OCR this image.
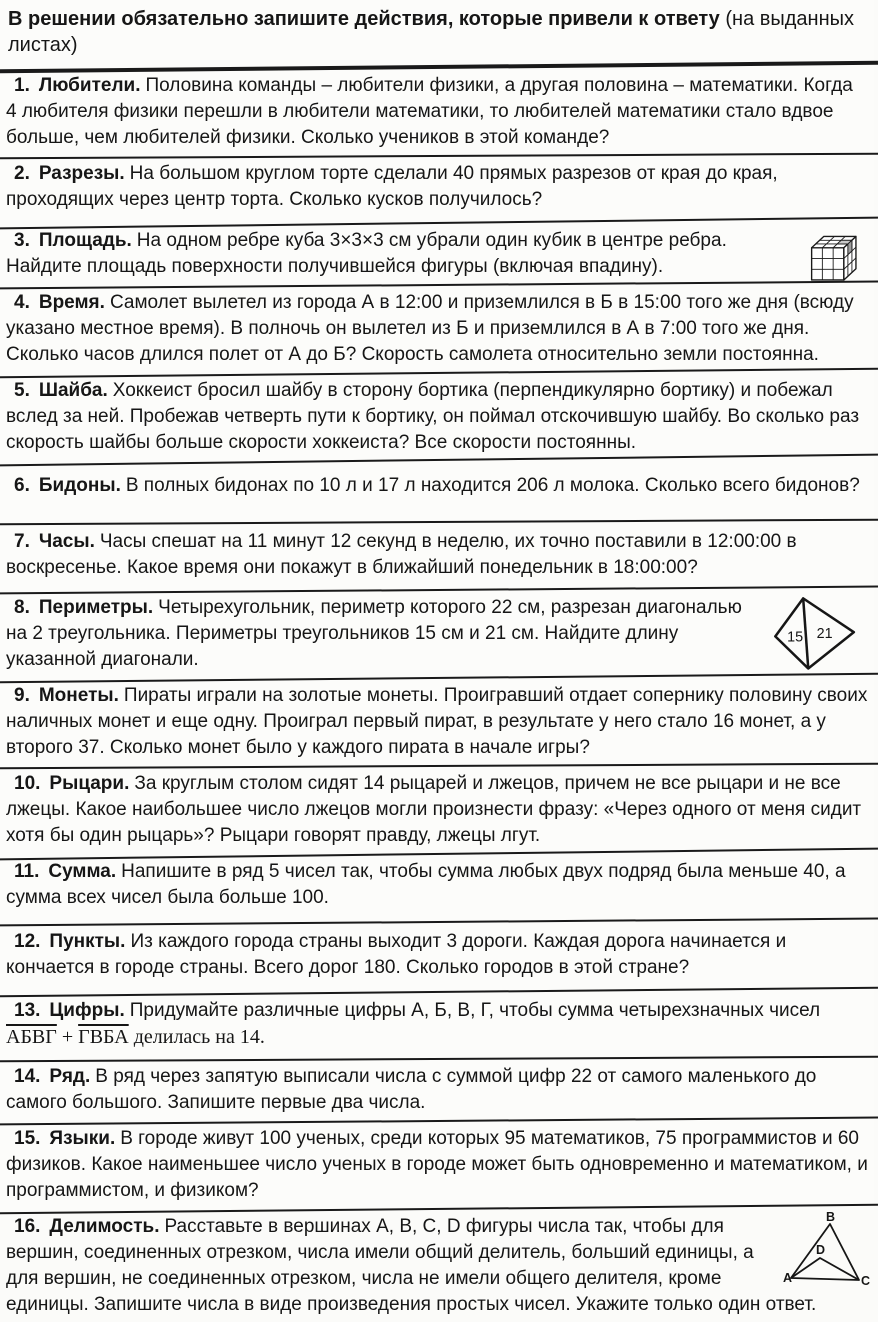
В решении обязательно запишите действия, которые привели к ответу (на выданных листах)

1. Любители. Половина команды – любители физики, а другая половина – математики. Когда 4 любителя физики перешли в любители математики, то любителей математики стало вдвое больше, чем любителей физики. Сколько учеников в этой команде?

2. Разрезы. На большом круглом торте сделали 40 прямых разрезов от края до края, проходящих через центр торта. Сколько кусков получилось?

3. Площадь. На одном ребре куба 3×3×3 см убрали один кубик в центре ребра. Найдите площадь поверхности получившейся фигуры (включая впадину).

4. Время. Самолет вылетел из города А в 12:00 и приземлился в Б в 15:00 того же дня (всюду указано местное время). В полночь он вылетел из Б и приземлился в А в 7:00 того же дня. Сколько часов длился полет от А до Б? Скорость самолета относительно земли постоянна.

5. Шайба. Хоккеист бросил шайбу в сторону бортика (перпендикулярно бортику) и побежал вслед за ней. Пробежав четверть пути к бортику, он поймал отскочившую шайбу. Во сколько раз скорость шайбы больше скорости хоккеиста? Все скорости постоянны.

6. Бидоны. В полных бидонах по 10 л и 17 л находится 206 л молока. Сколько всего бидонов?

7. Часы. Часы спешат на 11 минут 12 секунд в неделю, их точно поставили в 12:00:00 в воскресенье. Какое время они покажут в ближайший понедельник в 18:00:00?

15 21

8. Периметры. Четырехугольник, периметр которого 22 см, разрезан диагональю на 2 треугольника. Периметры треугольников 15 см и 21 см. Найдите длину указанной диагонали.

9. Монеты. Пираты играли на золотые монеты. Проигравший отдает сопернику половину своих наличных монет и еще одну. Проиграл первый пират, в результате у него стало 16 монет, а у второго 37. Сколько монет было у каждого пирата в начале игры?

10. Рыцари. За круглым столом сидят 14 рыцарей и лжецов, причем не все рыцари и не все лжецы. Какое наибольшее число лжецов могли произнести фразу: «Через одного от меня сидит хотя бы один рыцарь»? Рыцари говорят правду, лжецы лгут.

11. Сумма. Напишите в ряд 5 чисел так, чтобы сумма любых двух подряд была меньше 40, а сумма всех чисел была больше 100.

12. Пункты. Из каждого города страны выходит 3 дороги. Каждая дорога начинается и кончается в городе страны. Всего дорог 180. Сколько городов в этой стране?

13. Цифры. Придумайте различные цифры А, Б, В, Г, чтобы сумма четырехзначных чисел

АБВГ + ГВБА делилась на 14.

14. Ряд. В ряд через запятую выписали числа с суммой цифр 22 от самого маленького до самого большого. Запишите первые два числа.

15. Языки. В городе живут 100 ученых, среди которых 95 математиков, 75 программистов и 60 физиков. Какое наименьшее число ученых в городе может быть одновременно и математиком, и программистом, и физиком?

B
A	C
D

16. Делимость. Расставьте в вершинах A, B, C, D фигуры числа так, чтобы для вершин, соединенных отрезком, числа имели общий делитель, больший единицы, а для вершин, не соединенных отрезком, числа не имели общего делителя, кроме единицы. Запишите числа в виде произведения простых чисел. Укажите только один ответ.
